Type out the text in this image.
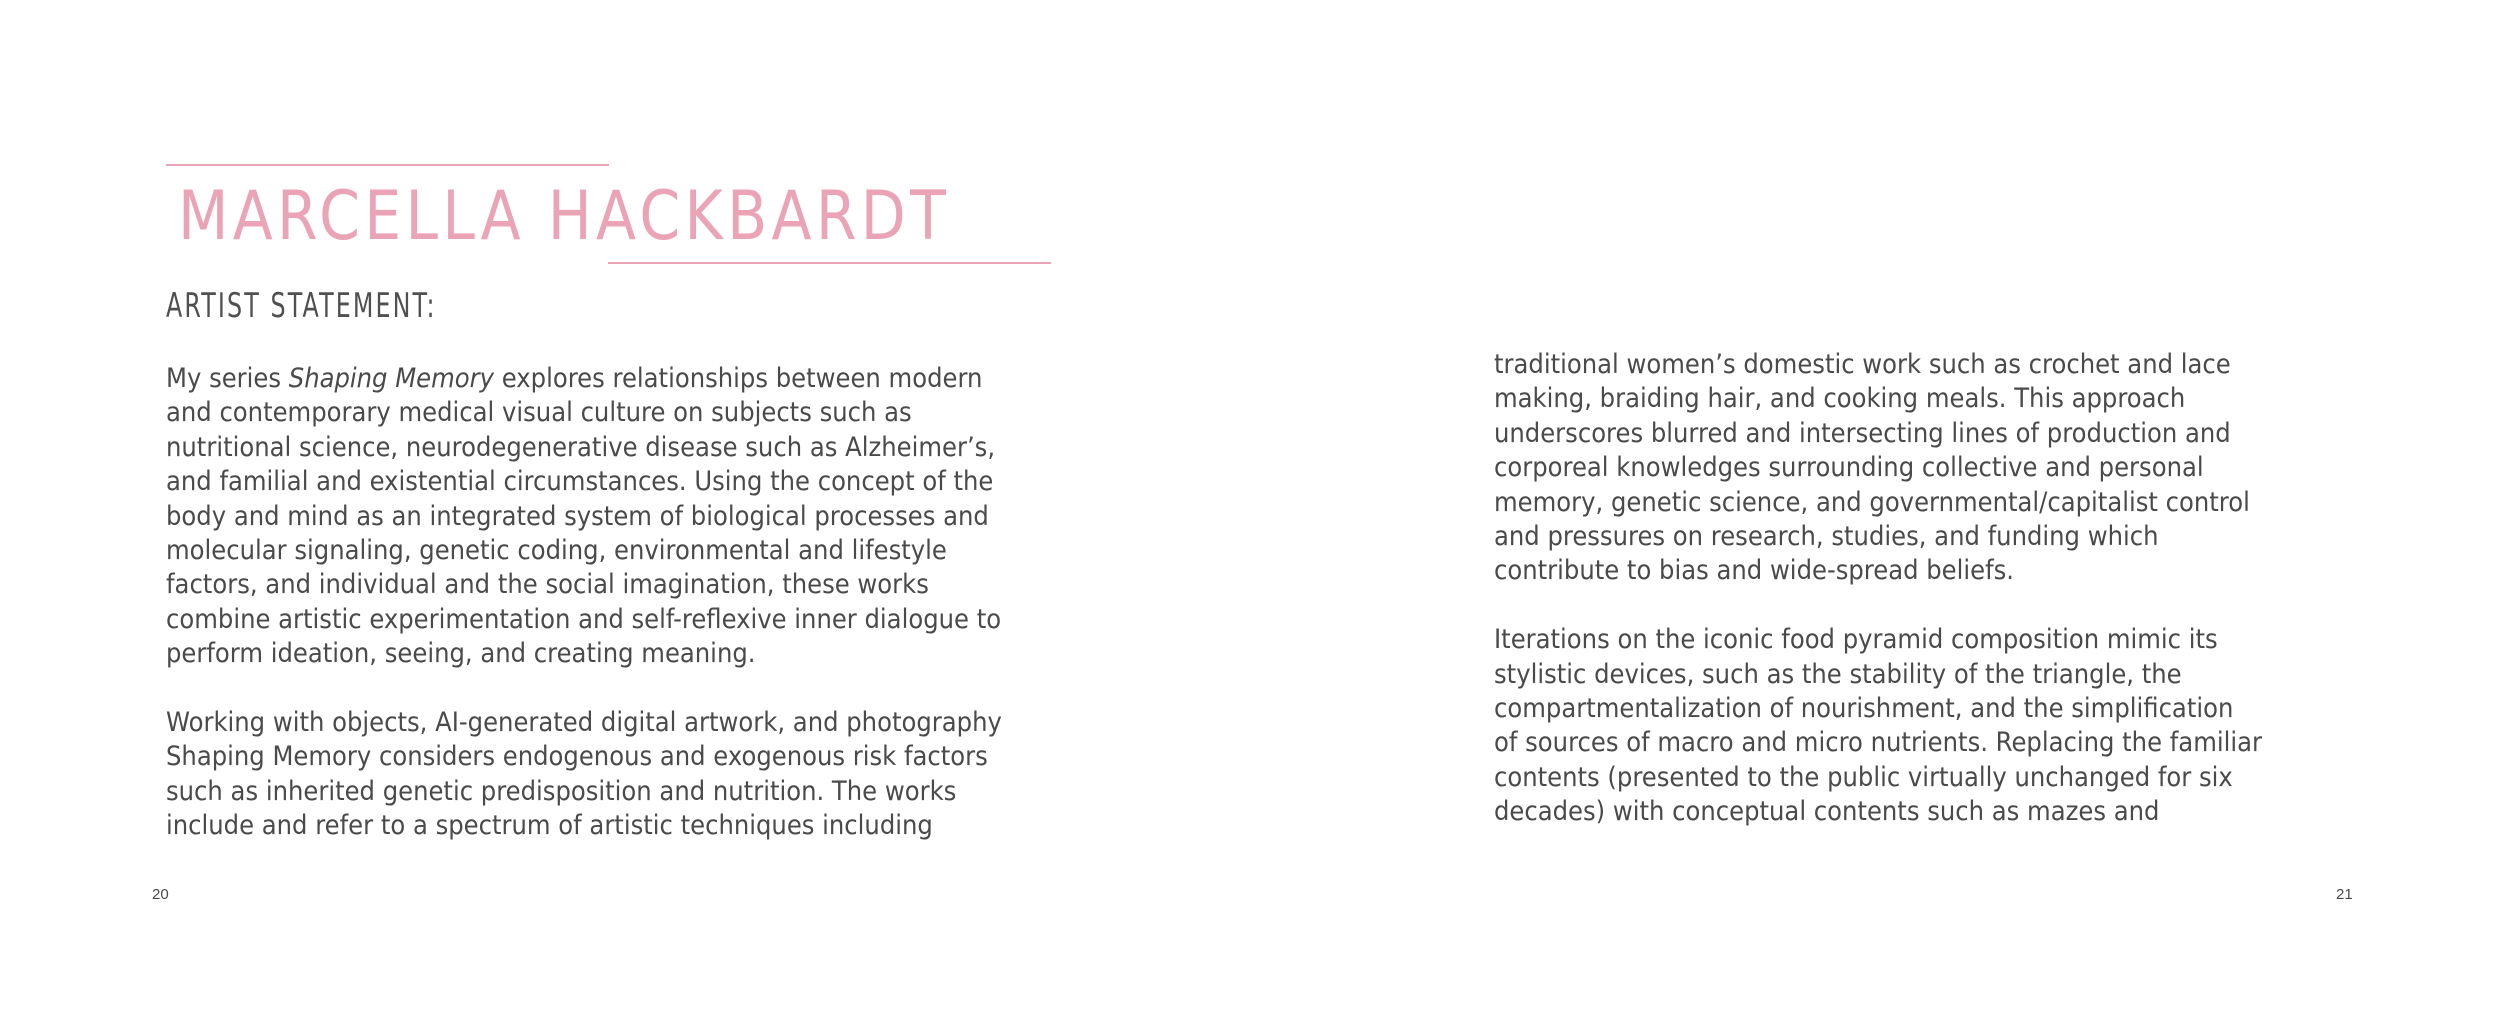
MARCELLA HACKBARDT
ARTIST STATEMENT:

My series Shaping Memory explores relationships between modern
and contemporary medical visual culture on subjects such as
nutritional science, neurodegenerative disease such as Alzheimer’s,
and familial and existential circumstances. Using the concept of the
body and mind as an integrated system of biological processes and
molecular signaling, genetic coding, environmental and lifestyle
factors, and individual and the social imagination, these works
combine artistic experimentation and self-reflexive inner dialogue to
perform ideation, seeing, and creating meaning.

Working with objects, AI-generated digital artwork, and photography
Shaping Memory considers endogenous and exogenous risk factors
such as inherited genetic predisposition and nutrition. The works
include and refer to a spectrum of artistic techniques including

20

traditional women’s domestic work such as crochet and lace
making, braiding hair, and cooking meals. This approach
underscores blurred and intersecting lines of production and
corporeal knowledges surrounding collective and personal
memory, genetic science, and governmental/capitalist control
and pressures on research, studies, and funding which
contribute to bias and wide-spread beliefs.

Iterations on the iconic food pyramid composition mimic its
stylistic devices, such as the stability of the triangle, the
compartmentalization of nourishment, and the simplification
of sources of macro and micro nutrients. Replacing the familiar
contents (presented to the public virtually unchanged for six
decades) with conceptual contents such as mazes and

21
